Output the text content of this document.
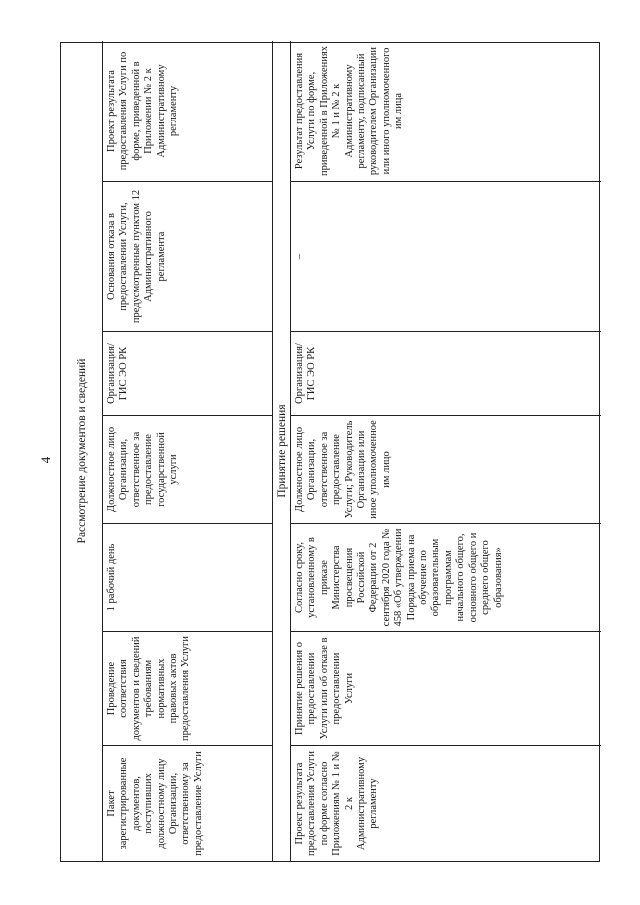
4	Рассмотрение документов и сведений
Пакет зарегистрированные документов, поступивших должностному лицу Организации, ответственному за предоставление Услуги
Проведение соответствия документов и сведений требованиям нормативных правовых актов предоставления Услуги
1 рабочий день
Должностное лицо Организации, ответственное за предоставление государственной услуги
Организация/ ГИС ЭО РК
Основания отказа в предоставлении Услуги, предусмотренные пунктом 12 Административного регламента
Проект результата предоставления Услуги по форме, приведенной в Приложении № 2 к Административному регламенту
Принятие решения
Проект результата предоставления Услуги по форме согласно Приложениям № 1 и № 2 к Административному регламенту
Принятие решения о предоставлении Услуги или об отказе в предоставлении Услуги
Согласно сроку, установленному в приказе Министерства просвещения Российской Федерации от 2 сентября 2020 года № 458 «Об утверждении Порядка приема на обучение по образовательным программам начального общего, основного общего и среднего общего образования»
Должностное лицо Организации, ответственное за предоставление Услуги; Руководитель Организации или иное уполномоченное им лицо
Организация/ ГИС ЭО РК
–
Результат предоставления Услуги по форме, приведенной в Приложениях № 1 и № 2 к Административному регламенту, подписанный руководителем Организации или иного уполномоченного им лица
